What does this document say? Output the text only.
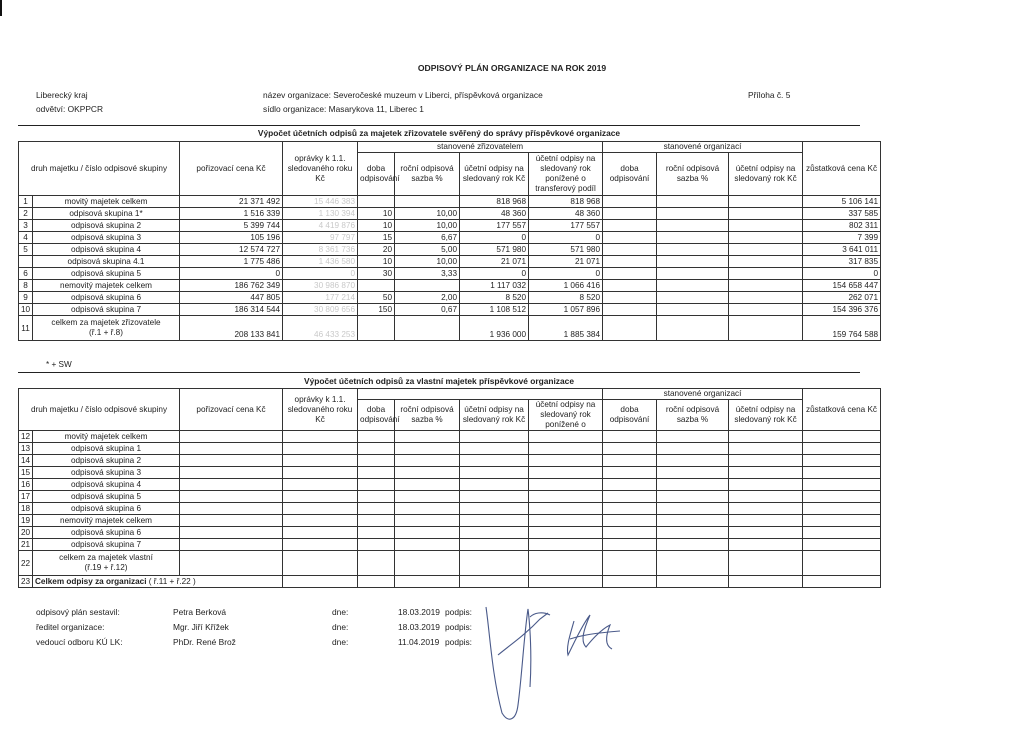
ODPISOVÝ PLÁN ORGANIZACE NA ROK 2019
Liberecký kraj
odvětví: OKPPCR
název organizace: Severočeské muzeum v Liberci, příspěvková organizace
sídlo organizace: Masarykova 11, Liberec 1
Příloha č. 5
Výpočet účetních odpisů za majetek zřizovatele svěřený do správy příspěvkové organizace
druh majetku / číslo odpisové skupiny		pořizovací cena Kč	oprávky k 1.1. sledovaného roku Kč	stanovené zřizovatelem				stanovené organizací			zůstatková cena Kč
				doba odpisování	roční odpisová sazba %	účetní odpisy na sledovaný rok Kč	účetní odpisy na sledovaný rok ponížené o transferový podíl	doba odpisování	roční odpisová sazba %	účetní odpisy na sledovaný rok Kč	
1	movitý majetek celkem	21 371 492	15 446 383			818 968	818 968				5 106 141
2	odpisová skupina 1*	1 516 339	1 130 394	10	10,00	48 360	48 360				337 585
3	odpisová skupina 2	5 399 744	4 419 876	10	10,00	177 557	177 557				802 311
4	odpisová skupina 3	105 196	97 797	15	6,67	0	0				7 399
5	odpisová skupina 4	12 574 727	8 361 736	20	5,00	571 980	571 980				3 641 011
	odpisová skupina 4.1	1 775 486	1 436 580	10	10,00	21 071	21 071				317 835
6	odpisová skupina 5	0	0	30	3,33	0	0				0
8	nemovitý majetek celkem	186 762 349	30 986 870			1 117 032	1 066 416				154 658 447
9	odpisová skupina 6	447 805	177 214	50	2,00	8 520	8 520				262 071
10	odpisová skupina 7	186 314 544	30 809 656	150	0,67	1 108 512	1 057 896				154 396 376
11	celkem za majetek zřizovatele
(ř.1 + ř.8)	208 133 841	46 433 253			1 936 000	1 885 384				159 764 588
* + SW
Výpočet účetních odpisů za vlastní majetek příspěvkové organizace
druh majetku / číslo odpisové skupiny		pořizovací cena Kč	oprávky k 1.1. sledovaného roku Kč					stanovené organizací			zůstatková cena Kč
				doba odpisování	roční odpisová sazba %	účetní odpisy na sledovaný rok Kč	účetní odpisy na sledovaný rok ponížené o	doba odpisování	roční odpisová sazba %	účetní odpisy na sledovaný rok Kč	
12	movitý majetek celkem										
13	odpisová skupina 1										
14	odpisová skupina 2										
15	odpisová skupina 3										
16	odpisová skupina 4										
17	odpisová skupina 5										
18	odpisová skupina 6										
19	nemovitý majetek celkem										
20	odpisová skupina 6										
21	odpisová skupina 7										
22	celkem za majetek vlastní
(ř.19 + ř.12)										

23	Celkem odpisy za organizaci ( ř.11 + ř.22 )										
odpisový plán sestavil:	Petra Berková	dne:	18.03.2019 podpis:
ředitel organizace:	Mgr. Jiří Křížek	dne:	18.03.2019 podpis:
vedoucí odboru KÚ LK:	PhDr. René Brož	dne:	11.04.2019 podpis:
